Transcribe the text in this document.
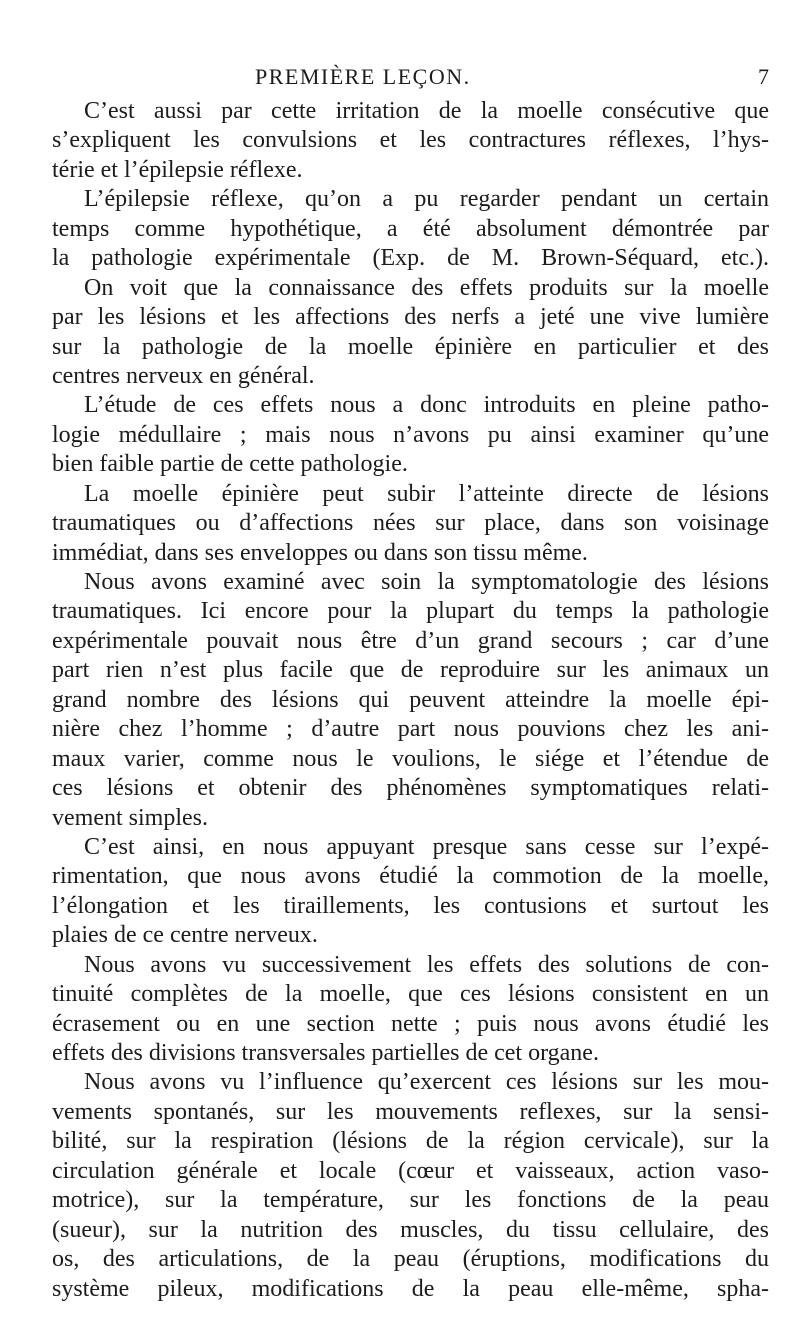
PREMIÈRE LEÇON.	7
C’est aussi par cette irritation de la moelle consécutive que
s’expliquent les convulsions et les contractures réflexes, l’hys-
térie et l’épilepsie réflexe.
L’épilepsie réflexe, qu’on a pu regarder pendant un certain
temps comme hypothétique, a été absolument démontrée par
la pathologie expérimentale (Exp. de M. Brown-Séquard, etc.).
On voit que la connaissance des effets produits sur la moelle
par les lésions et les affections des nerfs a jeté une vive lumière
sur la pathologie de la moelle épinière en particulier et des
centres nerveux en général.
L’étude de ces effets nous a donc introduits en pleine patho-
logie médullaire ; mais nous n’avons pu ainsi examiner qu’une
bien faible partie de cette pathologie.
La moelle épinière peut subir l’atteinte directe de lésions
traumatiques ou d’affections nées sur place, dans son voisinage
immédiat, dans ses enveloppes ou dans son tissu même.
Nous avons examiné avec soin la symptomatologie des lésions
traumatiques. Ici encore pour la plupart du temps la pathologie
expérimentale pouvait nous être d’un grand secours ; car d’une
part rien n’est plus facile que de reproduire sur les animaux un
grand nombre des lésions qui peuvent atteindre la moelle épi-
nière chez l’homme ; d’autre part nous pouvions chez les ani-
maux varier, comme nous le voulions, le siége et l’étendue de
ces lésions et obtenir des phénomènes symptomatiques relati-
vement simples.
C’est ainsi, en nous appuyant presque sans cesse sur l’expé-
rimentation, que nous avons étudié la commotion de la moelle,
l’élongation et les tiraillements, les contusions et surtout les
plaies de ce centre nerveux.
Nous avons vu successivement les effets des solutions de con-
tinuité complètes de la moelle, que ces lésions consistent en un
écrasement ou en une section nette ; puis nous avons étudié les
effets des divisions transversales partielles de cet organe.
Nous avons vu l’influence qu’exercent ces lésions sur les mou-
vements spontanés, sur les mouvements reflexes, sur la sensi-
bilité, sur la respiration (lésions de la région cervicale), sur la
circulation générale et locale (cœur et vaisseaux, action vaso-
motrice), sur la température, sur les fonctions de la peau
(sueur), sur la nutrition des muscles, du tissu cellulaire, des
os, des articulations, de la peau (éruptions, modifications du
système pileux, modifications de la peau elle-même, spha-
